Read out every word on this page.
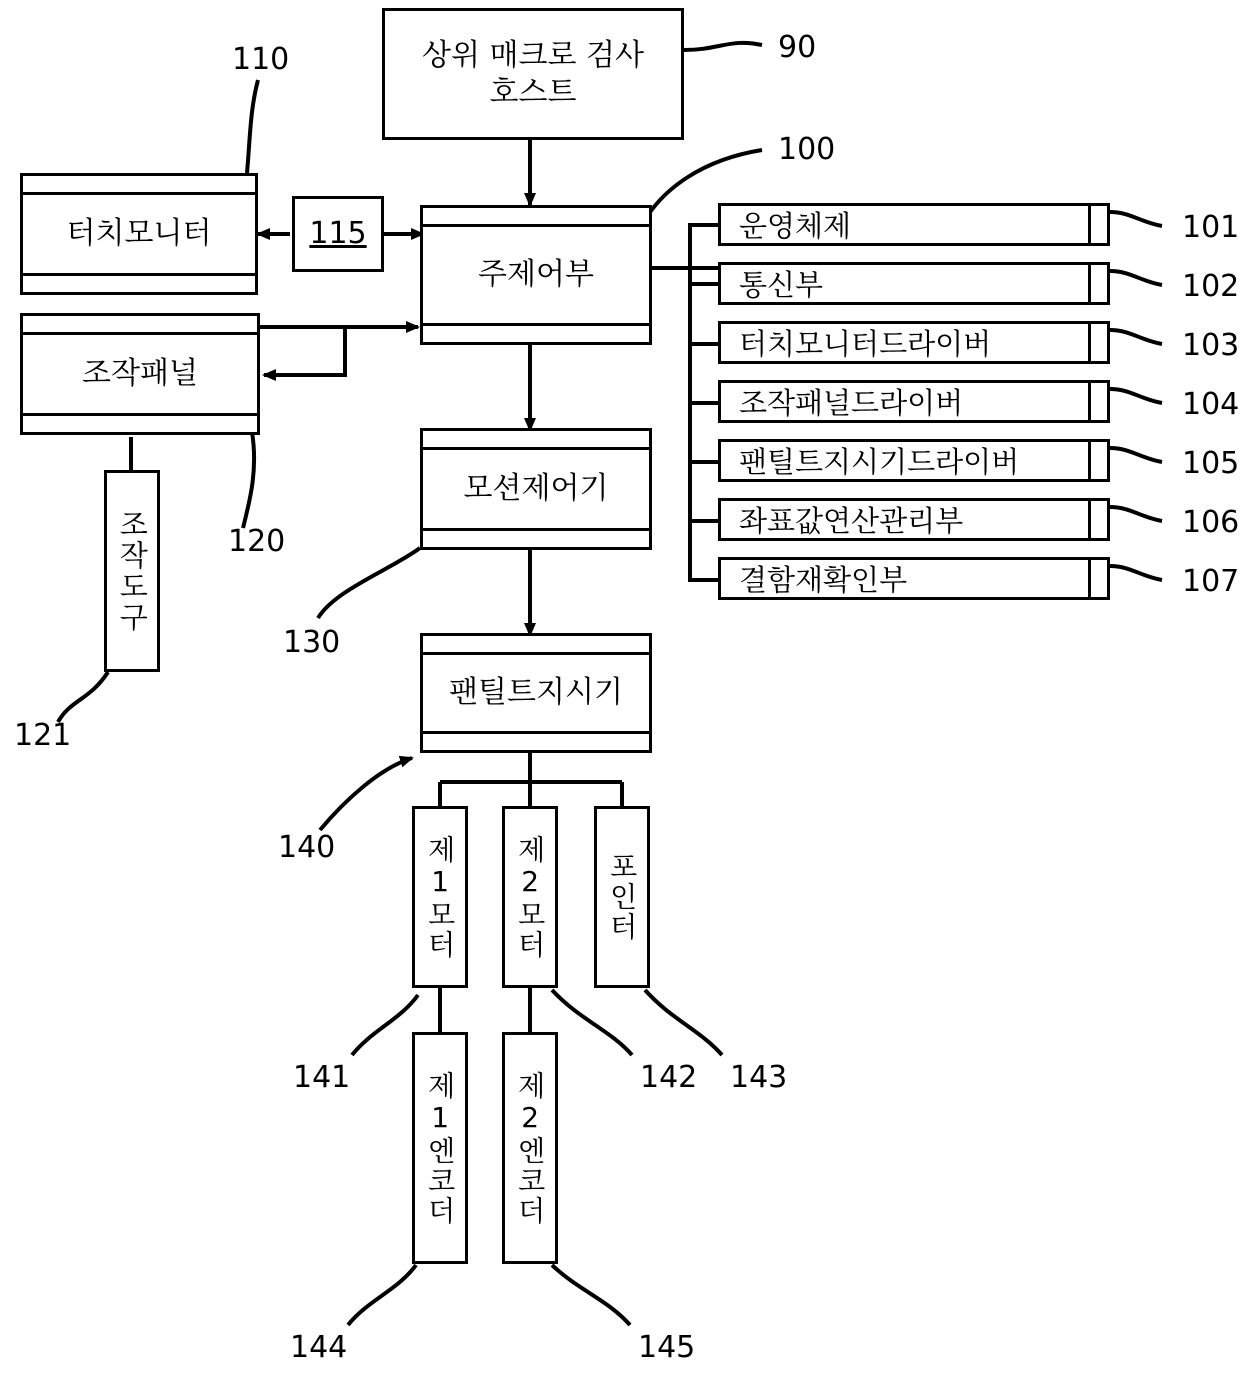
상위 매크로 검사
호스트
90
터치모니터
110
115
주제어부
100
조작패널
120
조작도구
121
모션제어기
130
팬틸트지시기
140	제1모터
141
제2모터
142
포인터
143
제1엔코더
144
제2엔코더
145
운영체제	101
통신부	102
터치모니터드라이버	103
조작패널드라이버	104
팬틸트지시기드라이버	105
좌표값연산관리부	106
결함재확인부	107
